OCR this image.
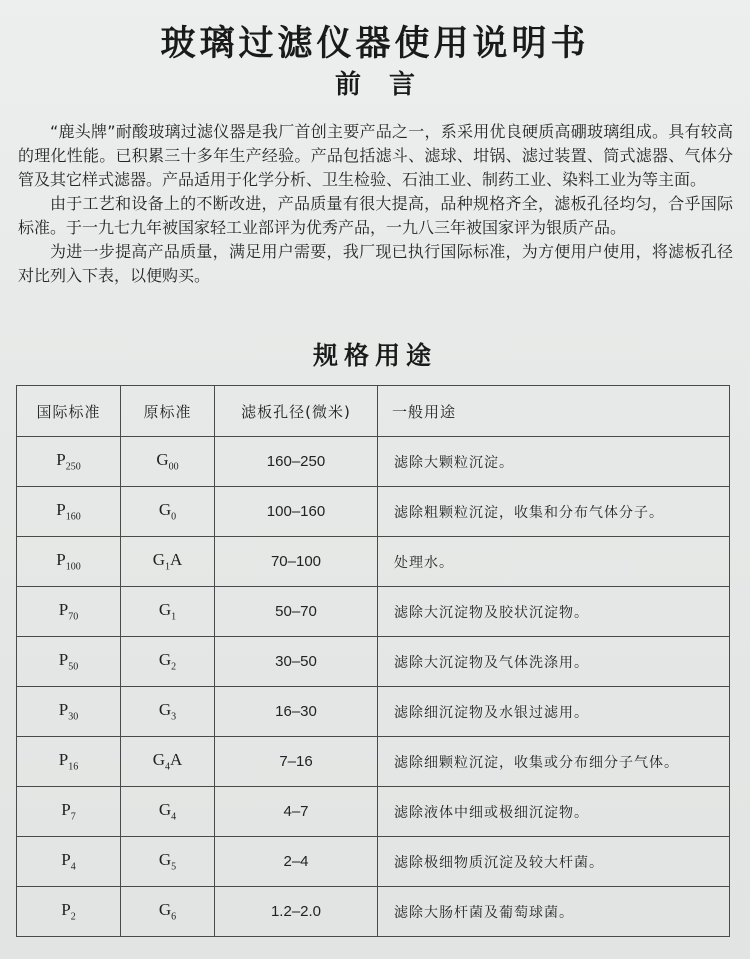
玻璃过滤仪器使用说明书
前言

“鹿头牌”耐酸玻璃过滤仪器是我厂首创主要产品之一，系采用优良硬质高硼玻璃组成。具有较高的理化性能。已积累三十多年生产经验。产品包括滤斗、滤球、坩锅、滤过装置、筒式滤器、气体分管及其它样式滤器。产品适用于化学分析、卫生检验、石油工业、制药工业、染料工业为等主面。

由于工艺和设备上的不断改进，产品质量有很大提高，品种规格齐全，滤板孔径均匀，合乎国际标准。于一九七九年被国家轻工业部评为优秀产品，一九八三年被国家评为银质产品。

为进一步提高产品质量，满足用户需要，我厂现已执行国际标准，为方便用户使用，将滤板孔径对比列入下表，以便购买。

规格用途
国际标准	原标准	滤板孔径(微米)	一般用途
$P_{250}$	$G_{00}$	160–250	滤除大颗粒沉淀。
$P_{160}$	$G_0$	100–160	滤除粗颗粒沉淀，收集和分布气体分子。
$P_{100}$	$G_1A$	70–100	处理水。
$P_{70}$	$G_1$	50–70	滤除大沉淀物及胶状沉淀物。
$P_{50}$	$G_2$	30–50	滤除大沉淀物及气体洗涤用。
$P_{30}$	$G_3$	16–30	滤除细沉淀物及水银过滤用。
$P_{16}$	$G_4A$	7–16	滤除细颗粒沉淀，收集或分布细分子气体。
$P_7$	$G_4$	4–7	滤除液体中细或极细沉淀物。
$P_4$	$G_5$	2–4	滤除极细物质沉淀及较大杆菌。
$P_2$	$G_6$	1.2–2.0	滤除大肠杆菌及葡萄球菌。
